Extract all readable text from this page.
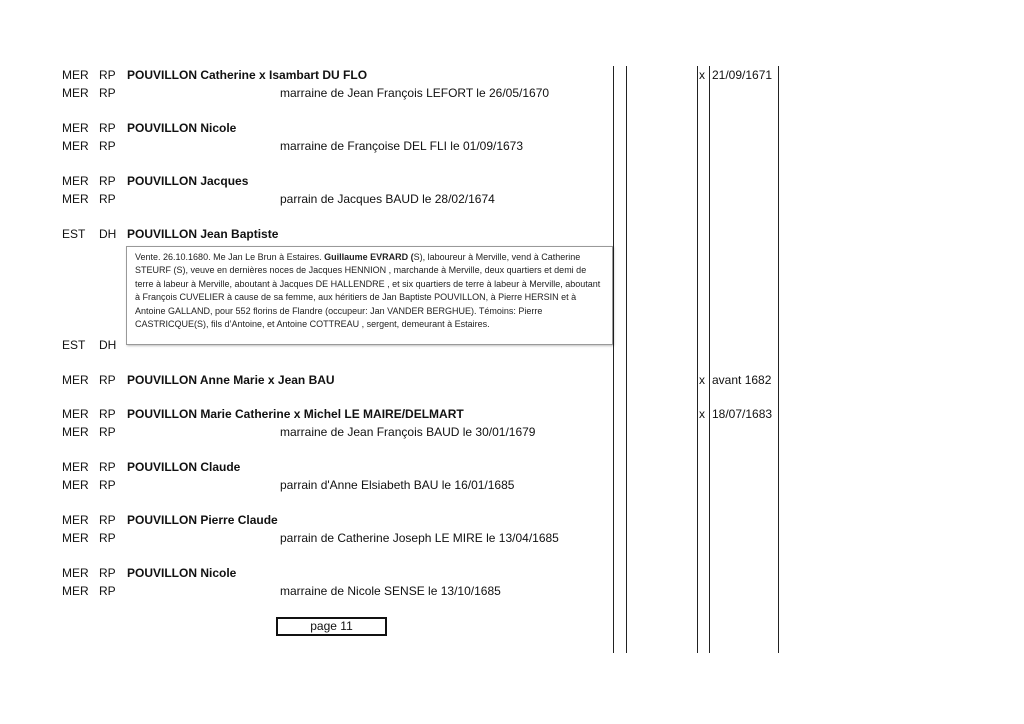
MER RP POUVILLON Catherine x Isambart DU FLO	x 21/09/1671
MER RP	marraine de Jean François LEFORT le 26/05/1670
MER RP POUVILLON Nicole
MER RP	marraine de Françoise DEL FLI le 01/09/1673
MER RP POUVILLON Jacques
MER RP	parrain de Jacques BAUD le 28/02/1674
EST DH POUVILLON Jean Baptiste
Vente. 26.10.1680. Me Jan Le Brun à Estaires. Guillaume EVRARD (S), laboureur à Merville, vend à Catherine STEURF (S), veuve en dernières noces de Jacques HENNION , marchande à Merville, deux quartiers et demi de terre à labeur à Merville, aboutant à Jacques DE HALLENDRE , et six quartiers de terre à labeur à Merville, aboutant à François CUVELIER à cause de sa femme, aux héritiers de Jan Baptiste POUVILLON, à Pierre HERSIN et à Antoine GALLAND, pour 552 florins de Flandre (occupeur: Jan VANDER BERGHUE). Témoins: Pierre CASTRICQUE(S), fils d’Antoine, et Antoine COTTREAU , sergent, demeurant à Estaires.
EST DH
MER RP POUVILLON Anne Marie x Jean BAU	x avant 1682
MER RP POUVILLON Marie Catherine x Michel LE MAIRE/DELMART	x 18/07/1683
MER RP	marraine de Jean François BAUD le 30/01/1679
MER RP POUVILLON Claude
MER RP	parrain d'Anne Elsiabeth BAU le 16/01/1685
MER RP POUVILLON Pierre Claude
MER RP	parrain de Catherine Joseph LE MIRE le 13/04/1685
MER RP POUVILLON Nicole
MER RP	marraine de Nicole SENSE le 13/10/1685
page 11
